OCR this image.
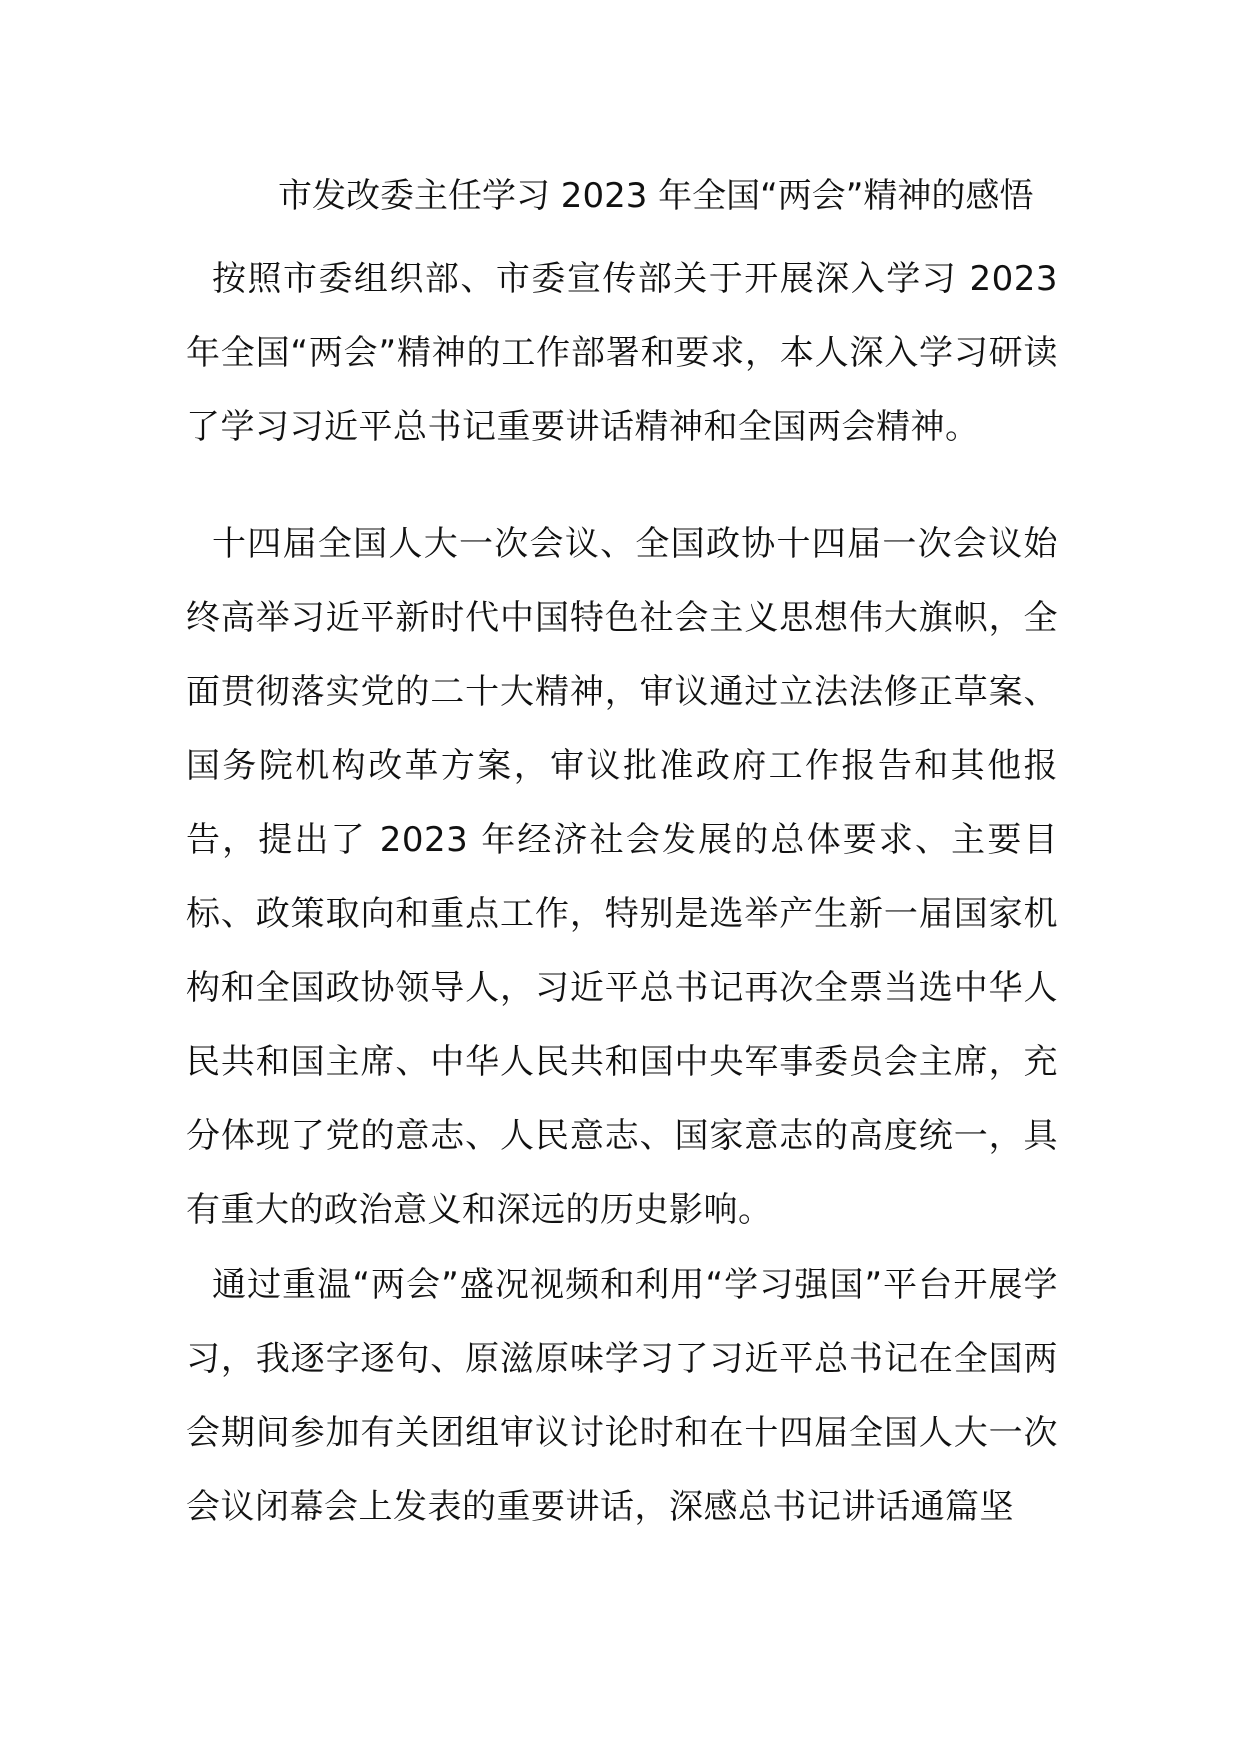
市发改委主任学习 2023 年全国“两会”精神的感悟

按照市委组织部、市委宣传部关于开展深入学习 2023 年全国“两会”精神的工作部署和要求，本人深入学习研读了学习习近平总书记重要讲话精神和全国两会精神。

十四届全国人大一次会议、全国政协十四届一次会议始终高举习近平新时代中国特色社会主义思想伟大旗帜，全面贯彻落实党的二十大精神，审议通过立法法修正草案、国务院机构改革方案，审议批准政府工作报告和其他报告，提出了 2023 年经济社会发展的总体要求、主要目标、政策取向和重点工作，特别是选举产生新一届国家机构和全国政协领导人，习近平总书记再次全票当选中华人民共和国主席、中华人民共和国中央军事委员会主席，充分体现了党的意志、人民意志、国家意志的高度统一，具有重大的政治意义和深远的历史影响。

通过重温“两会”盛况视频和利用“学习强国”平台开展学习，我逐字逐句、原滋原味学习了习近平总书记在全国两会期间参加有关团组审议讨论时和在十四届全国人大一次会议闭幕会上发表的重要讲话，深感总书记讲话通篇坚
